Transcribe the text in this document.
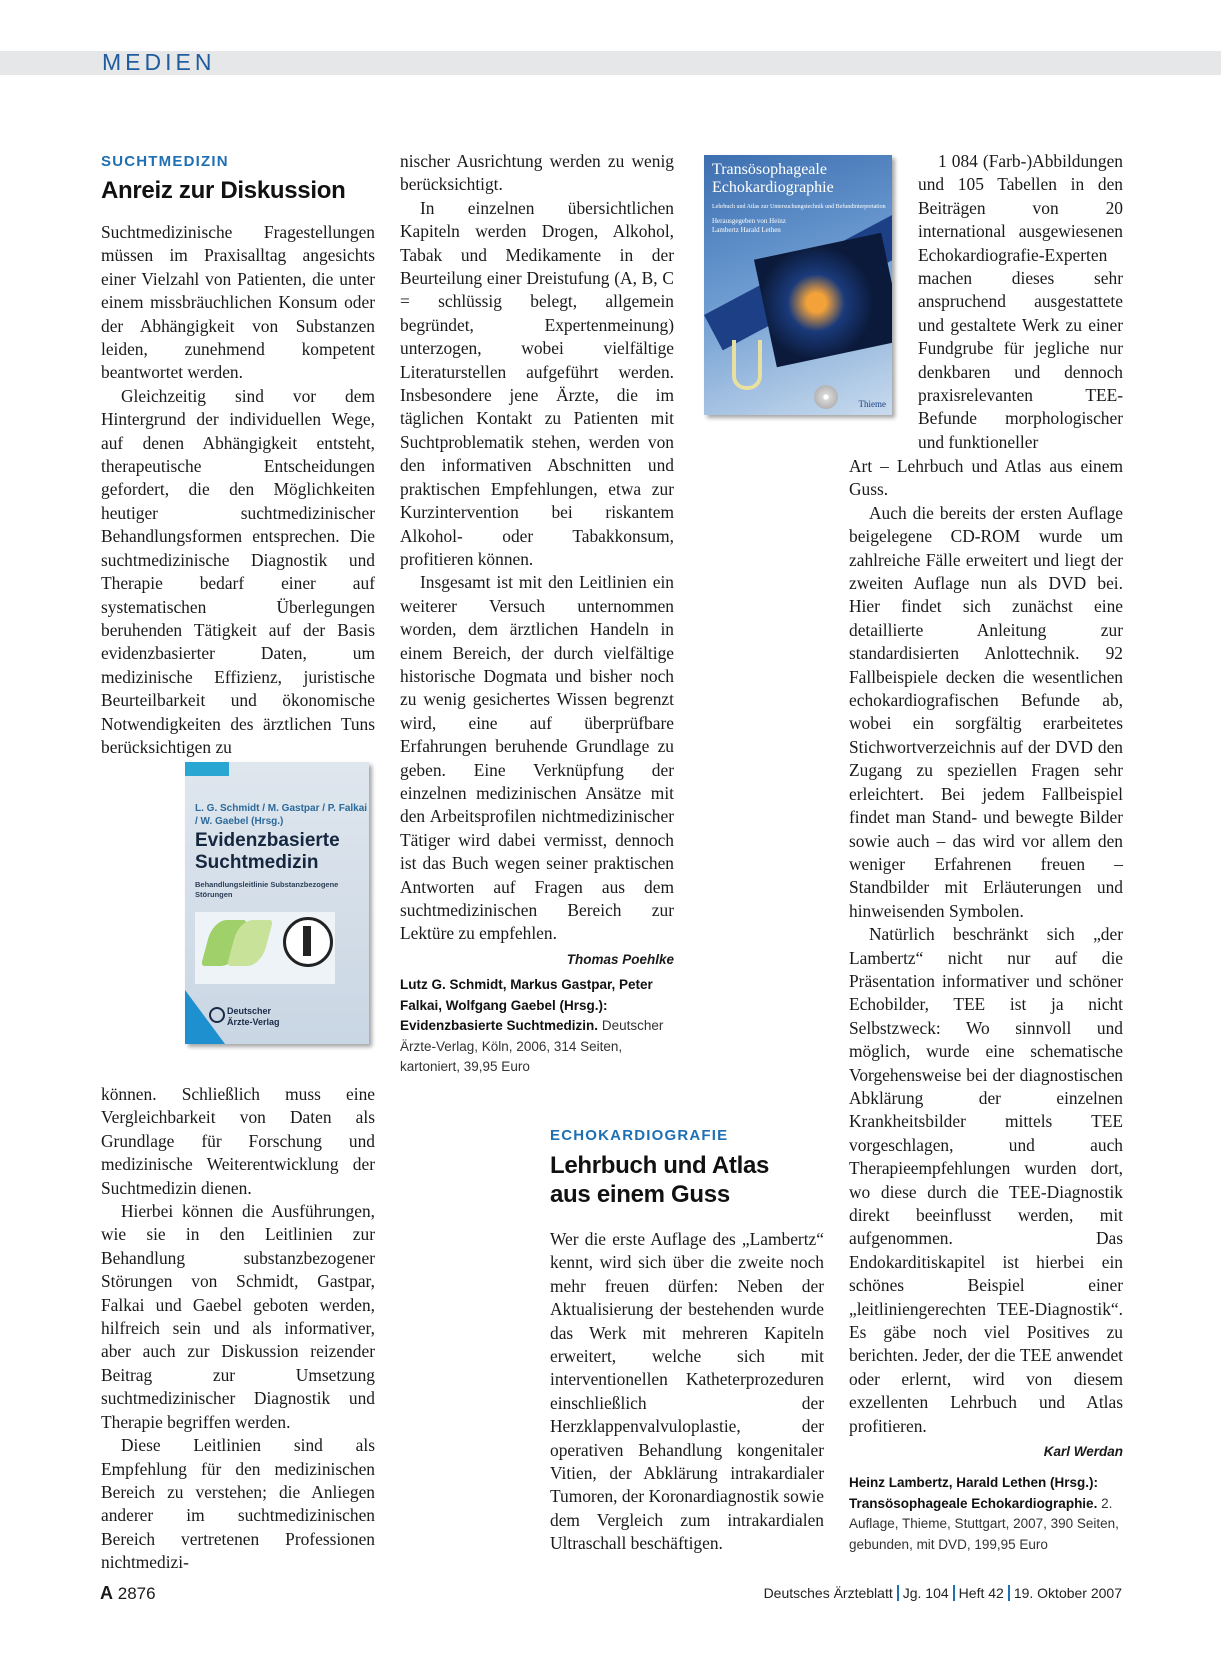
MEDIEN
SUCHTMEDIZIN
Anreiz zur Diskussion

Suchtmedizinische Fragestellungen müssen im Praxisalltag angesichts einer Vielzahl von Patienten, die unter einem missbräuchlichen Konsum oder der Abhängigkeit von Substanzen leiden, zunehmend kompetent beantwortet werden.

Gleichzeitig sind vor dem Hintergrund der individuellen Wege, auf denen Abhängigkeit entsteht, therapeutische Entscheidungen gefordert, die den Möglichkeiten heutiger suchtmedizinischer Behandlungsformen entsprechen. Die suchtmedizinische Diagnostik und Therapie bedarf einer auf systematischen Überlegungen beruhenden Tätigkeit auf der Basis evidenzbasierter Daten, um medizinische Effizienz, juristische Beurteilbarkeit und ökonomische Notwendigkeiten des ärztlichen Tuns berücksichtigen zu

L. G. Schmidt / M. Gastpar / P. Falkai / W. Gaebel (Hrsg.)
Evidenzbasierte Suchtmedizin
Behandlungsleitlinie Substanzbezogene Störungen
Deutscher Ärzte-Verlag

können. Schließlich muss eine Vergleichbarkeit von Daten als Grundlage für Forschung und medizinische Weiterentwicklung der Suchtmedizin dienen.

Hierbei können die Ausführungen, wie sie in den Leitlinien zur Behandlung substanzbezogener Störungen von Schmidt, Gastpar, Falkai und Gaebel geboten werden, hilfreich sein und als informativer, aber auch zur Diskussion reizender Beitrag zur Umsetzung suchtmedizinischer Diagnostik und Therapie begriffen werden.

Diese Leitlinien sind als Empfehlung für den medizinischen Bereich zu verstehen; die Anliegen anderer im suchtmedizinischen Bereich vertretenen Professionen nichtmedizi-

nischer Ausrichtung werden zu wenig berücksichtigt.

In einzelnen übersichtlichen Kapiteln werden Drogen, Alkohol, Tabak und Medikamente in der Beurteilung einer Dreistufung (A, B, C = schlüssig belegt, allgemein begründet, Expertenmeinung) unterzogen, wobei vielfältige Literaturstellen aufgeführt werden. Insbesondere jene Ärzte, die im täglichen Kontakt zu Patienten mit Suchtproblematik stehen, werden von den informativen Abschnitten und praktischen Empfehlungen, etwa zur Kurzintervention bei riskantem Alkohol- oder Tabakkonsum, profitieren können.

Insgesamt ist mit den Leitlinien ein weiterer Versuch unternommen worden, dem ärztlichen Handeln in einem Bereich, der durch vielfältige historische Dogmata und bisher noch zu wenig gesichertes Wissen begrenzt wird, eine auf überprüfbare Erfahrungen beruhende Grundlage zu geben. Eine Verknüpfung der einzelnen medizinischen Ansätze mit den Arbeitsprofilen nichtmedizinischer Tätiger wird dabei vermisst, dennoch ist das Buch wegen seiner praktischen Antworten auf Fragen aus dem suchtmedizinischen Bereich zur Lektüre zu empfehlen.

Thomas Poehlke
Lutz G. Schmidt, Markus Gastpar, Peter Falkai, Wolfgang Gaebel (Hrsg.): Evidenzbasierte Suchtmedizin. Deutscher Ärzte-Verlag, Köln, 2006, 314 Seiten, kartoniert, 39,95 Euro
Transösophageale Echokardiographie
Lehrbuch und Atlas zur Untersuchungstechnik und Befundinterpretation
Herausgegeben von Heinz Lambertz Harald Lethen
Thieme
ECHOKARDIOGRAFIE
Lehrbuch und Atlas aus einem Guss

Wer die erste Auflage des „Lambertz“ kennt, wird sich über die zweite noch mehr freuen dürfen: Neben der Aktualisierung der bestehenden wurde das Werk mit mehreren Kapiteln erweitert, welche sich mit interventionellen Katheterprozeduren einschließlich der Herzklappenvalvuloplastie, der operativen Behandlung kongenitaler Vitien, der Abklärung intrakardialer Tumoren, der Koronardiagnostik sowie dem Vergleich zum intrakardialen Ultraschall beschäftigen.

1 084 (Farb-)Abbildungen und 105 Tabellen in den Beiträgen von 20 international ausgewiesenen Echokardiografie-Experten machen dieses sehr anspruchend ausgestattete und gestaltete Werk zu einer Fundgrube für jegliche nur denkbaren und dennoch praxisrelevanten TEE-Befunde morphologischer und funktioneller

Art – Lehrbuch und Atlas aus einem Guss.

Auch die bereits der ersten Auflage beigelegene CD-ROM wurde um zahlreiche Fälle erweitert und liegt der zweiten Auflage nun als DVD bei. Hier findet sich zunächst eine detaillierte Anleitung zur standardisierten Anlottechnik. 92 Fallbeispiele decken die wesentlichen echokardiografischen Befunde ab, wobei ein sorgfältig erarbeitetes Stichwortverzeichnis auf der DVD den Zugang zu speziellen Fragen sehr erleichtert. Bei jedem Fallbeispiel findet man Stand- und bewegte Bilder sowie auch – das wird vor allem den weniger Erfahrenen freuen – Standbilder mit Erläuterungen und hinweisenden Symbolen.

Natürlich beschränkt sich „der Lambertz“ nicht nur auf die Präsentation informativer und schöner Echobilder, TEE ist ja nicht Selbstzweck: Wo sinnvoll und möglich, wurde eine schematische Vorgehensweise bei der diagnostischen Abklärung der einzelnen Krankheitsbilder mittels TEE vorgeschlagen, und auch Therapieempfehlungen wurden dort, wo diese durch die TEE-Diagnostik direkt beeinflusst werden, mit aufgenommen. Das Endokarditiskapitel ist hierbei ein schönes Beispiel einer „leitliniengerechten TEE-Diagnostik“. Es gäbe noch viel Positives zu berichten. Jeder, der die TEE anwendet oder erlernt, wird von diesem exzellenten Lehrbuch und Atlas profitieren.

Karl Werdan
Heinz Lambertz, Harald Lethen (Hrsg.): Transösophageale Echokardiographie. 2. Auflage, Thieme, Stuttgart, 2007, 390 Seiten, gebunden, mit DVD, 199,95 Euro
A 2876	Deutsches Ärzteblatt Jg. 104 Heft 42 19. Oktober 2007
